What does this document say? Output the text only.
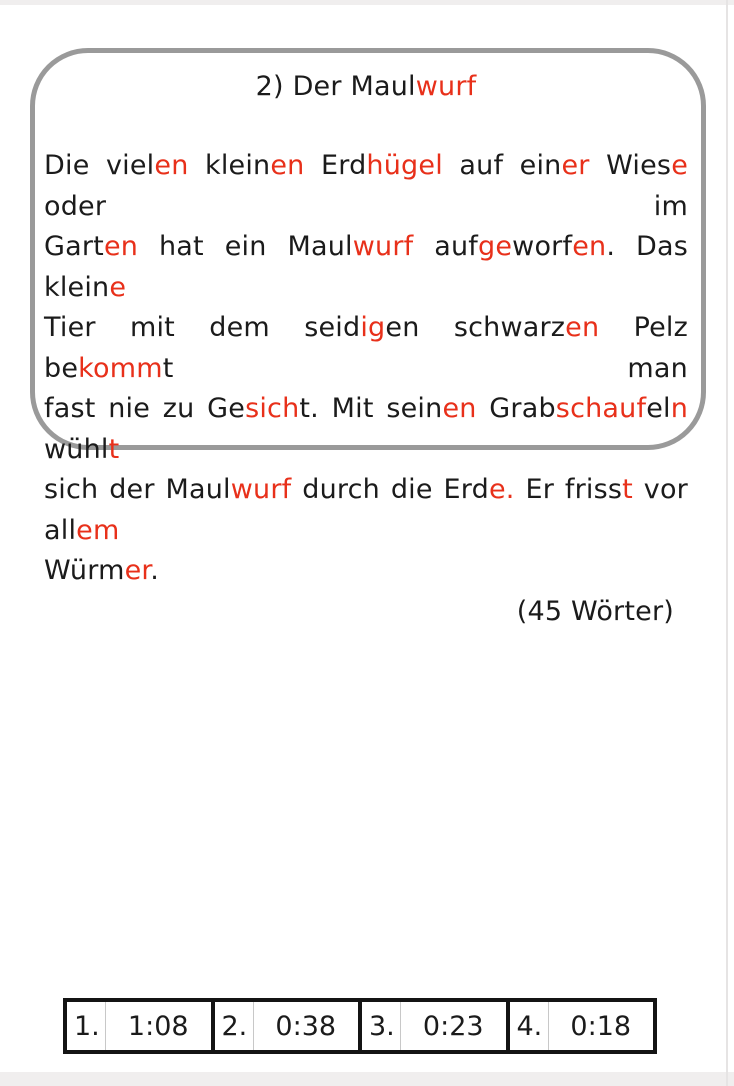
2) Der Maulwurf
Die vielen kleinen Erdhügel auf einer Wiese oder im
Garten hat ein Maulwurf aufgeworfen. Das kleine
Tier mit dem seidigen schwarzen Pelz bekommt man
fast nie zu Gesicht. Mit seinen Grabschaufeln wühlt
sich der Maulwurf durch die Erde. Er frisst vor allem
Würmer.
(45 Wörter)
1.	1:08	2.	0:38	3.	0:23	4.	0:18
